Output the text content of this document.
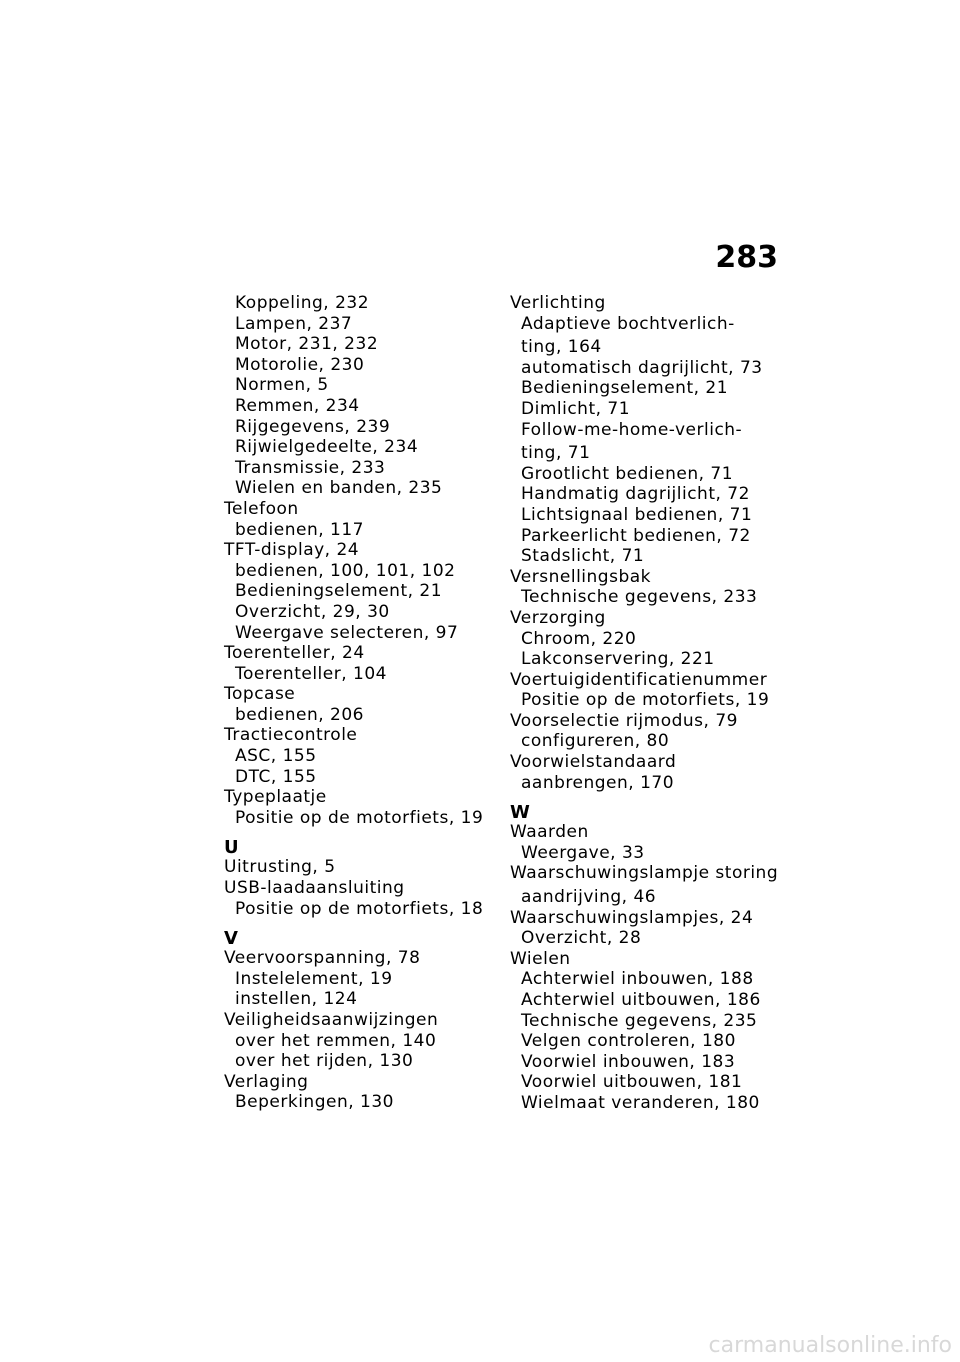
283
Koppeling, 232
Lampen, 237
Motor, 231, 232
Motorolie, 230
Normen, 5
Remmen, 234
Rijgegevens, 239
Rijwielgedeelte, 234
Transmissie, 233
Wielen en banden, 235
Telefoon
bedienen, 117
TFT-display, 24
bedienen, 100, 101, 102
Bedieningselement, 21
Overzicht, 29, 30
Weergave selecteren, 97
Toerenteller, 24
Toerenteller, 104
Topcase
bedienen, 206
Tractiecontrole
ASC, 155
DTC, 155
Typeplaatje
Positie op de motorfiets, 19
U
Uitrusting, 5
USB-laadaansluiting
Positie op de motorfiets, 18
V
Veervoorspanning, 78
Instelelement, 19
instellen, 124
Veiligheidsaanwijzingen
over het remmen, 140
over het rijden, 130
Verlaging
Beperkingen, 130
Verlichting
Adaptieve bochtverlich-
ting, 164
automatisch dagrijlicht, 73
Bedieningselement, 21
Dimlicht, 71
Follow-me-home-verlich-
ting, 71
Grootlicht bedienen, 71
Handmatig dagrijlicht, 72
Lichtsignaal bedienen, 71
Parkeerlicht bedienen, 72
Stadslicht, 71
Versnellingsbak
Technische gegevens, 233
Verzorging
Chroom, 220
Lakconservering, 221
Voertuigidentificatienummer
Positie op de motorfiets, 19
Voorselectie rijmodus, 79
configureren, 80
Voorwielstandaard
aanbrengen, 170
W
Waarden
Weergave, 33
Waarschuwingslampje storing
aandrijving, 46
Waarschuwingslampjes, 24
Overzicht, 28
Wielen
Achterwiel inbouwen, 188
Achterwiel uitbouwen, 186
Technische gegevens, 235
Velgen controleren, 180
Voorwiel inbouwen, 183
Voorwiel uitbouwen, 181
Wielmaat veranderen, 180
carmanualsonline.info
